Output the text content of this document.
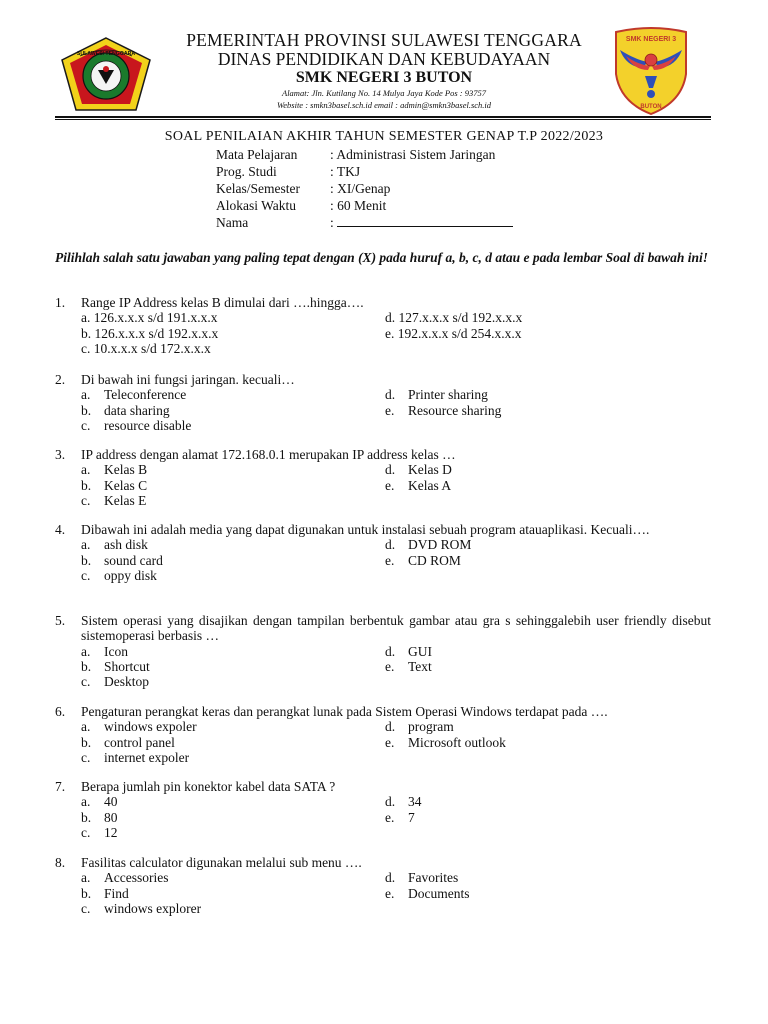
SULAWESI TENGGARA
SMK NEGERI 3
BUTON
PEMERINTAH PROVINSI SULAWESI TENGGARA
DINAS PENDIDIKAN DAN KEBUDAYAAN
SMK NEGERI 3 BUTON
Alamat: Jln. Kutilang No. 14 Mulya Jaya Kode Pos : 93757
Website : smkn3basel.sch.id email : admin@smkn3basel.sch.id
SOAL PENILAIAN AKHIR TAHUN SEMESTER GENAP T.P 2022/2023
Mata Pelajaran : Administrasi Sistem Jaringan
Prog. Studi	: TKJ
Kelas/Semester : XI/Genap
Alokasi Waktu	: 60 Menit
Nama	:
Pilihlah salah satu jawaban yang paling tepat dengan (X) pada huruf a, b, c, d atau e pada lembar Soal di bawah ini!
1. Range IP Address kelas B dimulai dari ….hingga….
a. 126.x.x.x s/d 191.x.x.x	d. 127.x.x.x s/d 192.x.x.x
b. 126.x.x.x s/d 192.x.x.x	e. 192.x.x.x s/d 254.x.x.x
c. 10.x.x.x s/d 172.x.x.x
2. Di bawah ini fungsi jaringan. kecuali…
a. Teleconference	d. Printer sharing
b. data sharing	e. Resource sharing
c. resource disable
3. IP address dengan alamat 172.168.0.1 merupakan IP address kelas …
a. Kelas B	d. Kelas D
b. Kelas C	e. Kelas A
c. Kelas E
4. Dibawah ini adalah media yang dapat digunakan untuk instalasi sebuah program atauaplikasi. Kecuali….
a. ash disk	d. DVD ROM
b. sound card	e. CD ROM
c. oppy disk
5. Sistem operasi yang disajikan dengan tampilan berbentuk gambar atau gra s sehinggalebih user friendly disebut sistemoperasi berbasis …
a. Icon	d. GUI
b. Shortcut	e. Text
c. Desktop
6. Pengaturan perangkat keras dan perangkat lunak pada Sistem Operasi Windows terdapat pada ….
a. windows expoler	d. program
b. control panel	e. Microsoft outlook
c. internet expoler
7. Berapa jumlah pin konektor kabel data SATA ?
a. 40	d. 34
b. 80	e. 7
c. 12
8. Fasilitas calculator digunakan melalui sub menu ….
a. Accessories	d. Favorites
b. Find	e. Documents
c. windows explorer
